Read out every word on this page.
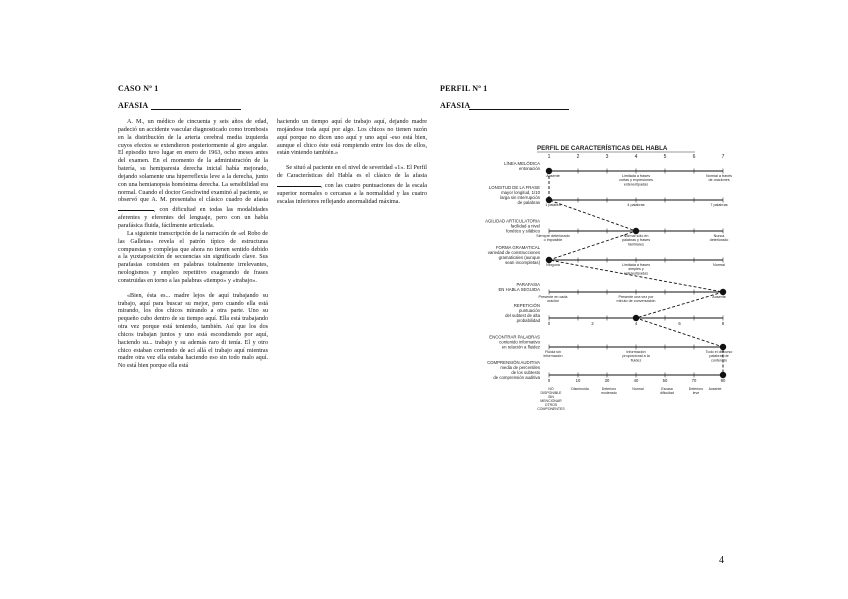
CASO Nº 1
AFASIA

A. M., un médico de cincuenta y seis años de edad, padeció un accidente vascular diagnosticado como trombosis en la distribución de la arteria cerebral media izquierda cuyos efectos se extendieron posteriormente al giro angular. El episodio tuvo lugar en enero de 1963, ocho meses antes del examen. En el momento de la administración de la batería, su hemiparesia derecha inicial había mejorado, dejando solamente una hiperreflexia leve a la derecha, junto con una hemianopsia homónima derecha. La sensibilidad era normal. Cuando el doctor Geschwind examinó al paciente, se observó que A. M. presentaba el clásico cuadro de afasia , con dificultad en todas las modalidades aferentes y eferentes del lenguaje, pero con un habla parafásica fluida, fácilmente articulada.

La siguiente transcripción de la narración de «el Robo de las Galletas» revela el patrón típico de estructuras compuestas y complejas que ahora no tienen sentido debido a la yuxtaposición de secuencias sin significado clave. Sus parafasias consisten en palabras totalmente irrelevantes, neologismos y empleo repetitivo exagerando de frases construidas en torno a las palabras «tiempo» y «trabajo».

«Bien, ésta es... madre lejos de aquí trabajando su trabajo, aquí para buscar su mejor, pero cuando ella está mirando, los dos chicos mirando a otra parte. Uno su pequeño cubo dentro de su tiempo aquí. Ella está trabajando otra vez porque está teniendo, también. Así que los dos chicos trabajan juntos y uno está escondiendo por aquí, haciendo su... trabajo y su además raro di tenía. El y otro chico estaban corriendo de ací allá el trabajo aquí mientras madre otra vez ella estaba haciendo eso sin todo malo aquí. No está bien porque ella está

haciendo un tiempo aquí de trabajo aquí, dejando madre mojándose toda aquí por algo. Los chicos no tienen razón aquí porque no dicen uno aquí y uno aquí -eso está bien, aunque el chico éste está rompiendo entre los dos de ellos, están viniendo también.»

Se situó al paciente en el nivel de severidad «1». El Perfil de Características del Habla es el clásico de la afasia , con las cuatro puntuaciones de la escala superior normales o cercanas a la normalidad y las cuatro escalas inferiores reflejando anormalidad máxima.

PERFIL Nº 1
AFASIA
PERFIL DE CARACTERÍSTICAS DEL HABLA
1	2	3	4	5	6	7
LÍNEA MELÓDICA entonación
Ausente	Limitada a frases cortas y expresiones estereotipadas
Normal a través de oraciones
LONGITUD DE LA FRASE mayor longitud, 1/10 larga sin interrupción de palabras
1 palabra	4 palabras	7 palabras
AGILIDAD ARTICULATORIA facilidad a nivel fonético y silábico
Siempre deteriorado o imposible
Normal sólo en palabras y frases familiares
Nunca deteriorado
FORMA GRAMATICAL variedad de construcciones gramaticales (aunque sean incompletas)
Ninguna	Limitada a frases simples y estereotipadas
Normal
PARAFASIA EN HABLA SEGUIDA
Presente en cada oración
Presente una vez por minuto de conversación
Ausente
REPETICIÓN puntuación del subtest de alta probabilidad
0	2	4	6	8
ENCONTRAR PALABRAS contenido informativo en relación a fluidez
Fluida sin información
Información proporcional a la fluidez
Todo el discurso palabras de contenido
COMPRENSIÓN AUDITIVA media de percentiles de los subtests de comprensión auditiva
0	10	30	40	50	70	90
NO DISPONIBLE SIN MENCIONAR OTROS COMPONENTES
Disminuida	Deterioro moderado
Normal	Escasa dificultad
Deterioro leve
Ausente
4
